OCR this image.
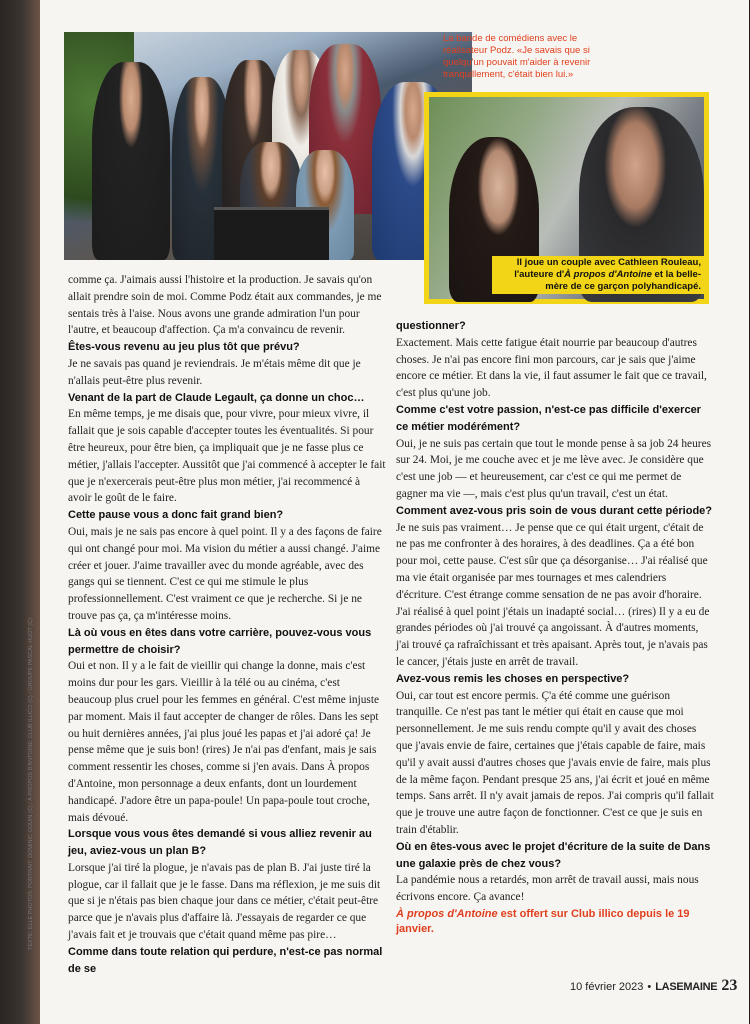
La bande de comédiens avec le réalisateur Podz. «Je savais que si quelqu'un pouvait m'aider à revenir tranquillement, c'était bien lui.»

Il joue un couple avec Cathleen Rouleau, l'auteure d'À propos d'Antoine et la belle-mère de ce garçon polyhandicapé.

comme ça. J'aimais aussi l'histoire et la production. Je savais qu'on allait prendre soin de moi. Comme Podz était aux commandes, je me sentais très à l'aise. Nous avons une grande admiration l'un pour l'autre, et beaucoup d'affection. Ça m'a convaincu de revenir.

Êtes-vous revenu au jeu plus tôt que prévu?

Je ne savais pas quand je reviendrais. Je m'étais même dit que je n'allais peut-être plus revenir.

Venant de la part de Claude Legault, ça donne un choc…

En même temps, je me disais que, pour vivre, pour mieux vivre, il fallait que je sois capable d'accepter toutes les éventualités. Si pour être heureux, pour être bien, ça impliquait que je ne fasse plus ce métier, j'allais l'accepter. Aussitôt que j'ai commencé à accepter le fait que je n'exercerais peut-être plus mon métier, j'ai recommencé à avoir le goût de le faire.

Cette pause vous a donc fait grand bien?

Oui, mais je ne sais pas encore à quel point. Il y a des façons de faire qui ont changé pour moi. Ma vision du métier a aussi changé. J'aime créer et jouer. J'aime travailler avec du monde agréable, avec des gangs qui se tiennent. C'est ce qui me stimule le plus professionnellement. C'est vraiment ce que je recherche. Si je ne trouve pas ça, ça m'intéresse moins.

Là où vous en êtes dans votre carrière, pouvez-vous vous permettre de choisir?

Oui et non. Il y a le fait de vieillir qui change la donne, mais c'est moins dur pour les gars. Vieillir à la télé ou au cinéma, c'est beaucoup plus cruel pour les femmes en général. C'est même injuste par moment. Mais il faut accepter de changer de rôles. Dans les sept ou huit dernières années, j'ai plus joué les papas et j'ai adoré ça! Je pense même que je suis bon! (rires) Je n'ai pas d'enfant, mais je sais comment ressentir les choses, comme si j'en avais. Dans À propos d'Antoine, mon personnage a deux enfants, dont un lourdement handicapé. J'adore être un papa-poule! Un papa-poule tout croche, mais dévoué.

Lorsque vous vous êtes demandé si vous alliez revenir au jeu, aviez-vous un plan B?

Lorsque j'ai tiré la plogue, je n'avais pas de plan B. J'ai juste tiré la plogue, car il fallait que je le fasse. Dans ma réflexion, je me suis dit que si je n'étais pas bien chaque jour dans ce métier, c'était peut-être parce que je n'avais plus d'affaire là. J'essayais de regarder ce que j'avais fait et je trouvais que c'était quand même pas pire…

Comme dans toute relation qui perdure, n'est-ce pas normal de se

questionner?

Exactement. Mais cette fatigue était nourrie par beaucoup d'autres choses. Je n'ai pas encore fini mon parcours, car je sais que j'aime encore ce métier. Et dans la vie, il faut assumer le fait que ce travail, c'est plus qu'une job.

Comme c'est votre passion, n'est-ce pas difficile d'exercer ce métier modérément?

Oui, je ne suis pas certain que tout le monde pense à sa job 24 heures sur 24. Moi, je me couche avec et je me lève avec. Je considère que c'est une job — et heureusement, car c'est ce qui me permet de gagner ma vie —, mais c'est plus qu'un travail, c'est un état.

Comment avez-vous pris soin de vous durant cette période?

Je ne suis pas vraiment… Je pense que ce qui était urgent, c'était de ne pas me confronter à des horaires, à des deadlines. Ça a été bon pour moi, cette pause. C'est sûr que ça désorganise… J'ai réalisé que ma vie était organisée par mes tournages et mes calendriers d'écriture. C'est étrange comme sensation de ne pas avoir d'horaire. J'ai réalisé à quel point j'étais un inadapté social… (rires) Il y a eu de grandes périodes où j'ai trouvé ça angoissant. À d'autres moments, j'ai trouvé ça rafraîchissant et très apaisant. Après tout, je n'avais pas le cancer, j'étais juste en arrêt de travail.

Avez-vous remis les choses en perspective?

Oui, car tout est encore permis. Ç'a été comme une guérison tranquille. Ce n'est pas tant le métier qui était en cause que moi personnellement. Je me suis rendu compte qu'il y avait des choses que j'avais envie de faire, certaines que j'étais capable de faire, mais qu'il y avait aussi d'autres choses que j'avais envie de faire, mais plus de la même façon. Pendant presque 25 ans, j'ai écrit et joué en même temps. Sans arrêt. Il n'y avait jamais de repos. J'ai compris qu'il fallait que je trouve une autre façon de fonctionner. C'est ce que je suis en train d'établir.

Où en êtes-vous avec le projet d'écriture de la suite de Dans une galaxie près de chez vous?

La pandémie nous a retardés, mon arrêt de travail aussi, mais nous écrivons encore. Ça avance!

À propos d'Antoine est offert sur Club illico depuis le 19 janvier.

TEXTE: ELLE PHOTOS: PORTRAIT: DOMINIC GOUIN (C) / À PROPOS D'ANTOINE: CLUB ILLICO (C) / GROUPE PASCAL HUOT (C)
10 février 2023 • LASEMAINE 23
